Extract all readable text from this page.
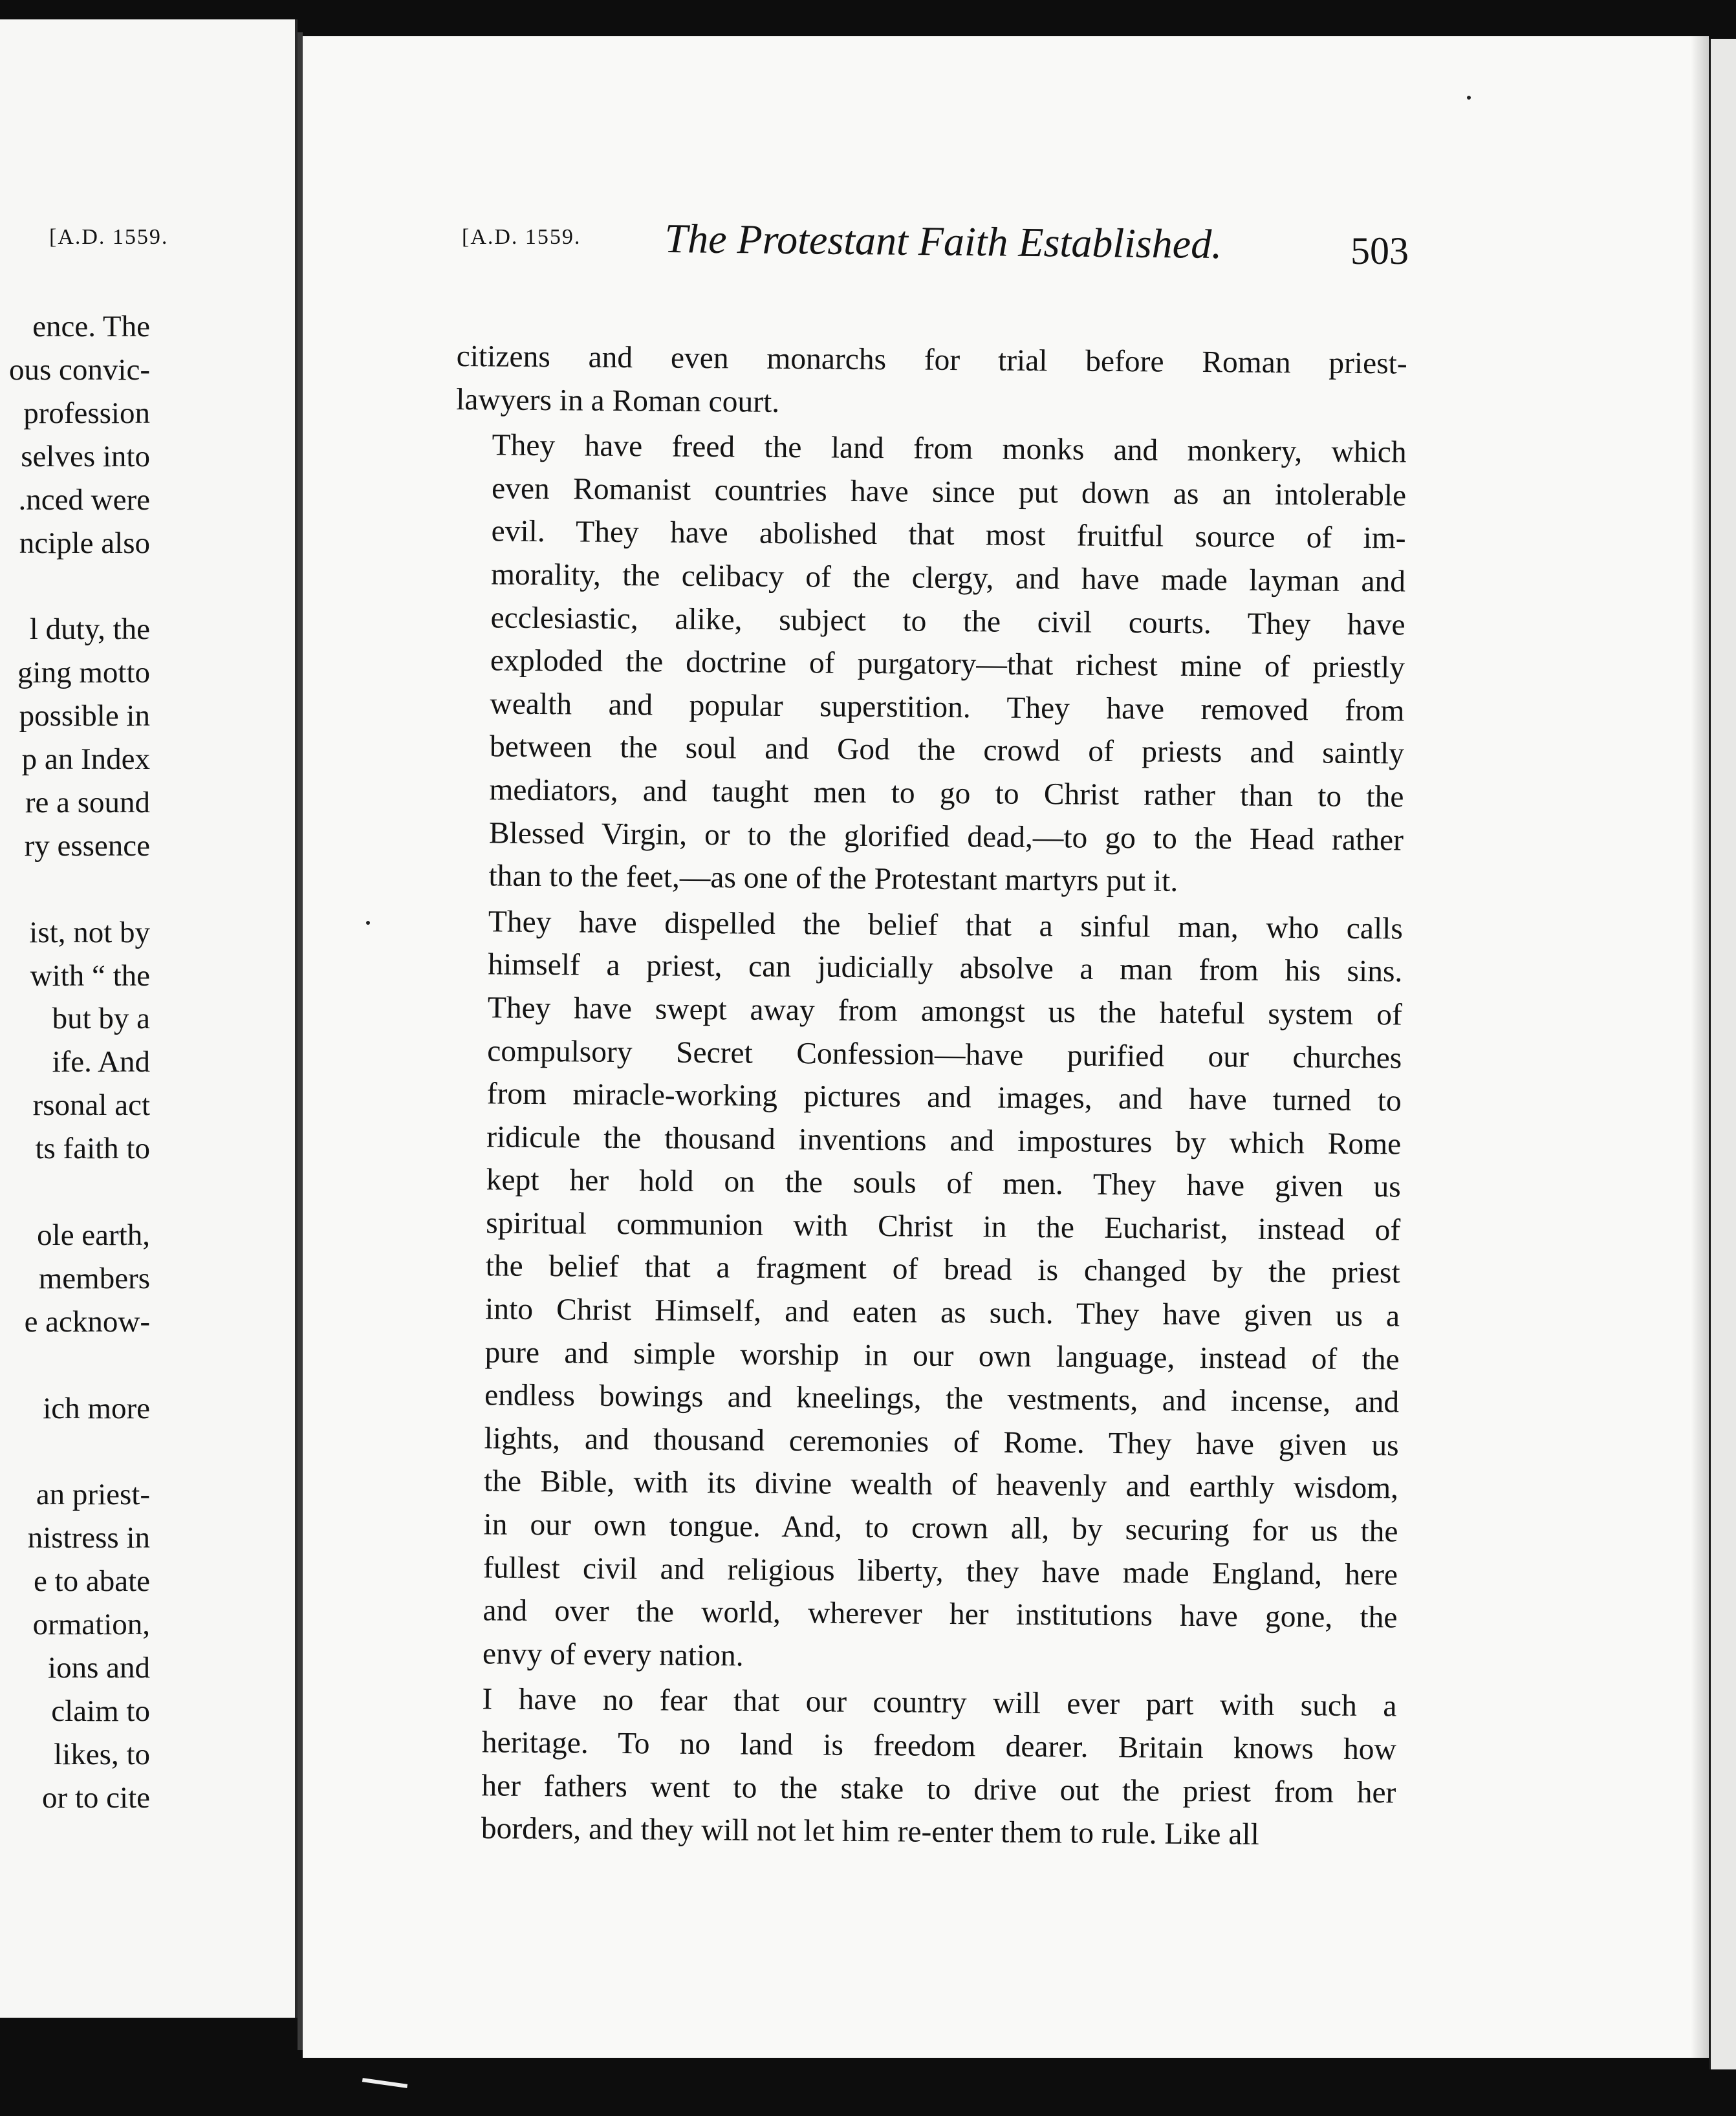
[A.D. 1559.
ence. The
ous convic-
profession
selves into
.nced were
nciple also
l duty, the
ging motto
possible in
p an Index
re a sound
ry essence
ist, not by
with “ the
but by a
ife. And
rsonal act
ts faith to
ole earth,
members
e acknow-
ich more
an priest-
nistress in
e to abate
ormation,
ions and
claim to
likes, to
or to cite
[A.D. 1559. The Protestant Faith Established.	503

citizens and even monarchs for trial before Roman priest-
lawyers in a Roman court.

They have freed the land from monks and monkery, which
even Romanist countries have since put down as an intolerable
evil. They have abolished that most fruitful source of im-
morality, the celibacy of the clergy, and have made layman and
ecclesiastic, alike, subject to the civil courts. They have
exploded the doctrine of purgatory—that richest mine of priestly
wealth and popular superstition. They have removed from
between the soul and God the crowd of priests and saintly
mediators, and taught men to go to Christ rather than to the
Blessed Virgin, or to the glorified dead,—to go to the Head rather
than to the feet,—as one of the Protestant martyrs put it.

They have dispelled the belief that a sinful man, who calls
himself a priest, can judicially absolve a man from his sins.
They have swept away from amongst us the hateful system of
compulsory Secret Confession—have purified our churches
from miracle-working pictures and images, and have turned to
ridicule the thousand inventions and impostures by which Rome
kept her hold on the souls of men. They have given us
spiritual communion with Christ in the Eucharist, instead of
the belief that a fragment of bread is changed by the priest
into Christ Himself, and eaten as such. They have given us a
pure and simple worship in our own language, instead of the
endless bowings and kneelings, the vestments, and incense, and
lights, and thousand ceremonies of Rome. They have given us
the Bible, with its divine wealth of heavenly and earthly wisdom,
in our own tongue. And, to crown all, by securing for us the
fullest civil and religious liberty, they have made England, here
and over the world, wherever her institutions have gone, the
envy of every nation.

I have no fear that our country will ever part with such a
heritage. To no land is freedom dearer. Britain knows how
her fathers went to the stake to drive out the priest from her
borders, and they will not let him re-enter them to rule. Like all
